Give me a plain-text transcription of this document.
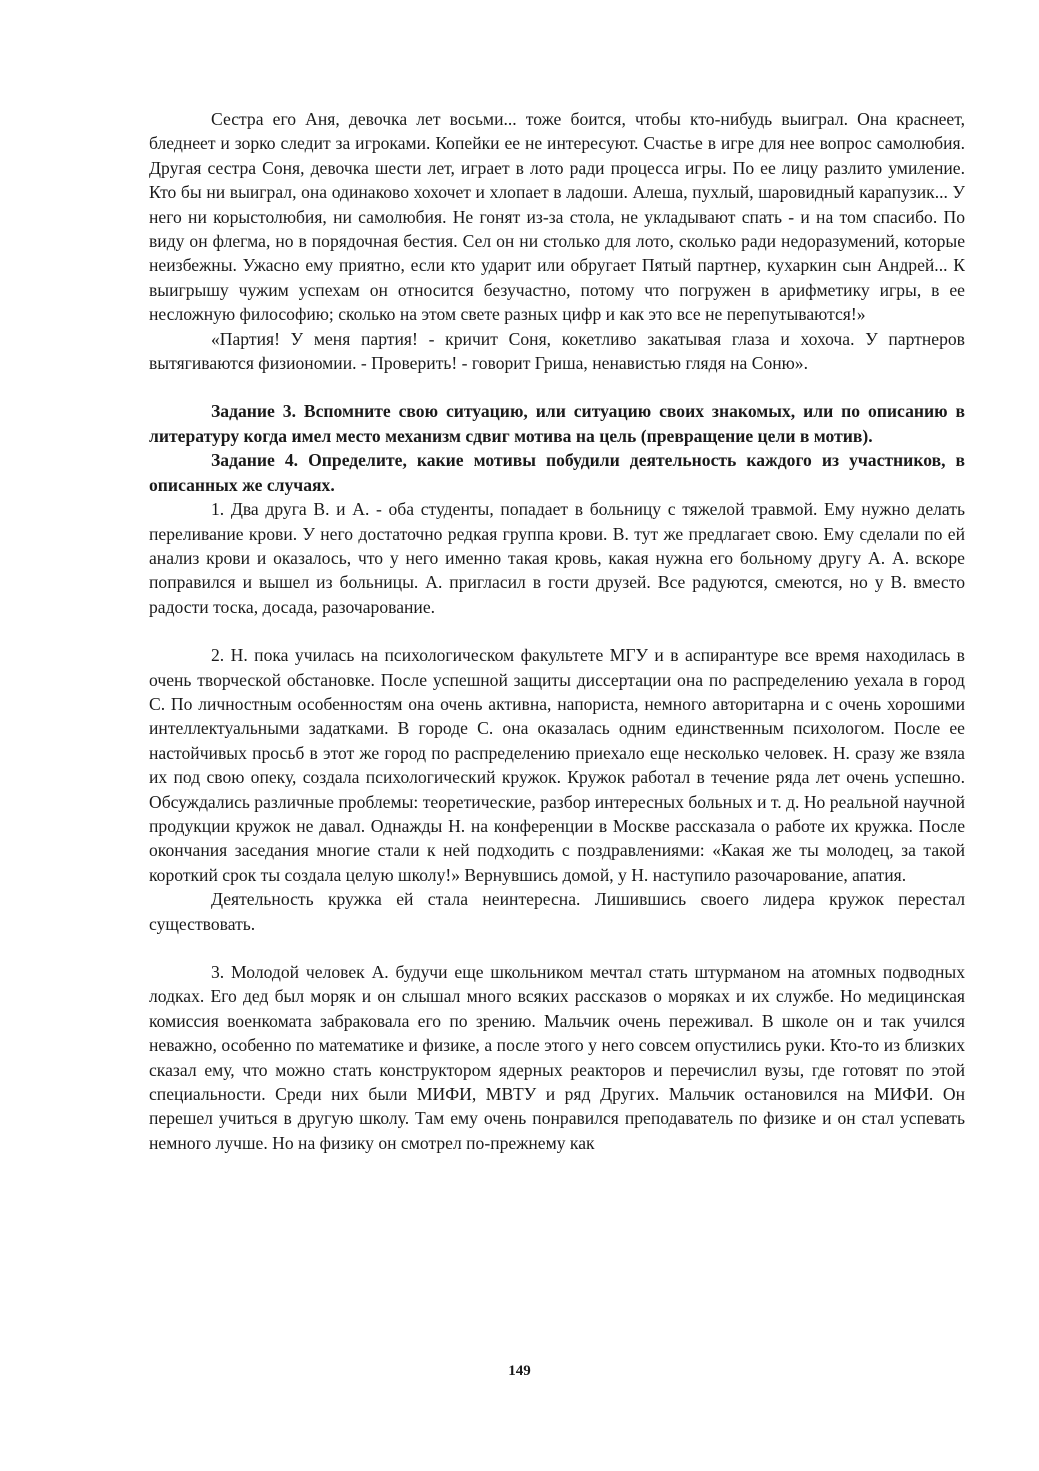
Сестра его Аня, девочка лет восьми... тоже боится, чтобы кто-нибудь выиграл. Она краснеет, бледнеет и зорко следит за игроками. Копейки ее не интересуют. Счастье в игре для нее вопрос самолюбия. Другая сестра Соня, девочка шести лет, играет в лото ради процесса игры. По ее лицу разлито умиление. Кто бы ни выиграл, она одинаково хохочет и хлопает в ладоши. Алеша, пухлый, шаровидный карапузик... У него ни корыстолюбия, ни самолюбия. Не гонят из-за стола, не укладывают спать - и на том спасибо. По виду он флегма, но в порядочная бестия. Сел он ни столько для лото, сколько ради недоразумений, которые неизбежны. Ужасно ему приятно, если кто ударит или обругает Пятый партнер, кухаркин сын Андрей... К выигрышу чужим успехам он относится безучастно, потому что погружен в арифметику игры, в ее несложную философию; сколько на этом свете разных цифр и как это все не перепутываются!»

«Партия! У меня партия! - кричит Соня, кокетливо закатывая глаза и хохоча. У партнеров вытягиваются физиономии. - Проверить! - говорит Гриша, ненавистью глядя на Соню».

Задание 3. Вспомните свою ситуацию, или ситуацию своих знакомых, или по описанию в литературу когда имел место механизм сдвиг мотива на цель (превращение цели в мотив).

Задание 4. Определите, какие мотивы побудили деятельность каждого из участников, в описанных же случаях.

1. Два друга В. и А. - оба студенты, попадает в больницу с тяжелой травмой. Ему нужно делать переливание крови. У него достаточно редкая группа крови. В. тут же предлагает свою. Ему сделали по ей анализ крови и оказалось, что у него именно такая кровь, какая нужна его больному другу А. А. вскоре поправился и вышел из больницы. А. пригласил в гости друзей. Все радуются, смеются, но у В. вместо радости тоска, досада, разочарование.

2. Н. пока училась на психологическом факультете МГУ и в аспирантуре все время находилась в очень творческой обстановке. После успешной защиты диссертации она по распределению уехала в город С. По личностным особенностям она очень активна, напориста, немного авторитарна и с очень хорошими интеллектуальными задатками. В городе С. она оказалась одним единственным психологом. После ее настойчивых просьб в этот же город по распределению приехало еще несколько человек. Н. сразу же взяла их под свою опеку, создала психологический кружок. Кружок работал в течение ряда лет очень успешно. Обсуждались различные проблемы: теоретические, разбор интересных больных и т. д. Но реальной научной продукции кружок не давал. Однажды Н. на конференции в Москве рассказала о работе их кружка. После окончания заседания многие стали к ней подходить с поздравлениями: «Какая же ты молодец, за такой короткий срок ты создала целую школу!» Вернувшись домой, у Н. наступило разочарование, апатия.

Деятельность кружка ей стала неинтересна. Лишившись своего лидера кружок перестал существовать.

3. Молодой человек А. будучи еще школьником мечтал стать штурманом на атомных подводных лодках. Его дед был моряк и он слышал много всяких рассказов о моряках и их службе. Но медицинская комиссия военкомата забраковала его по зрению. Мальчик очень переживал. В школе он и так учился неважно, особенно по математике и физике, а после этого у него совсем опустились руки. Кто-то из близких сказал ему, что можно стать конструктором ядерных реакторов и перечислил вузы, где готовят по этой специальности. Среди них были МИФИ, МВТУ и ряд Других. Мальчик остановился на МИФИ. Он перешел учиться в другую школу. Там ему очень понравился преподаватель по физике и он стал успевать немного лучше. Но на физику он смотрел по-прежнему как

149
